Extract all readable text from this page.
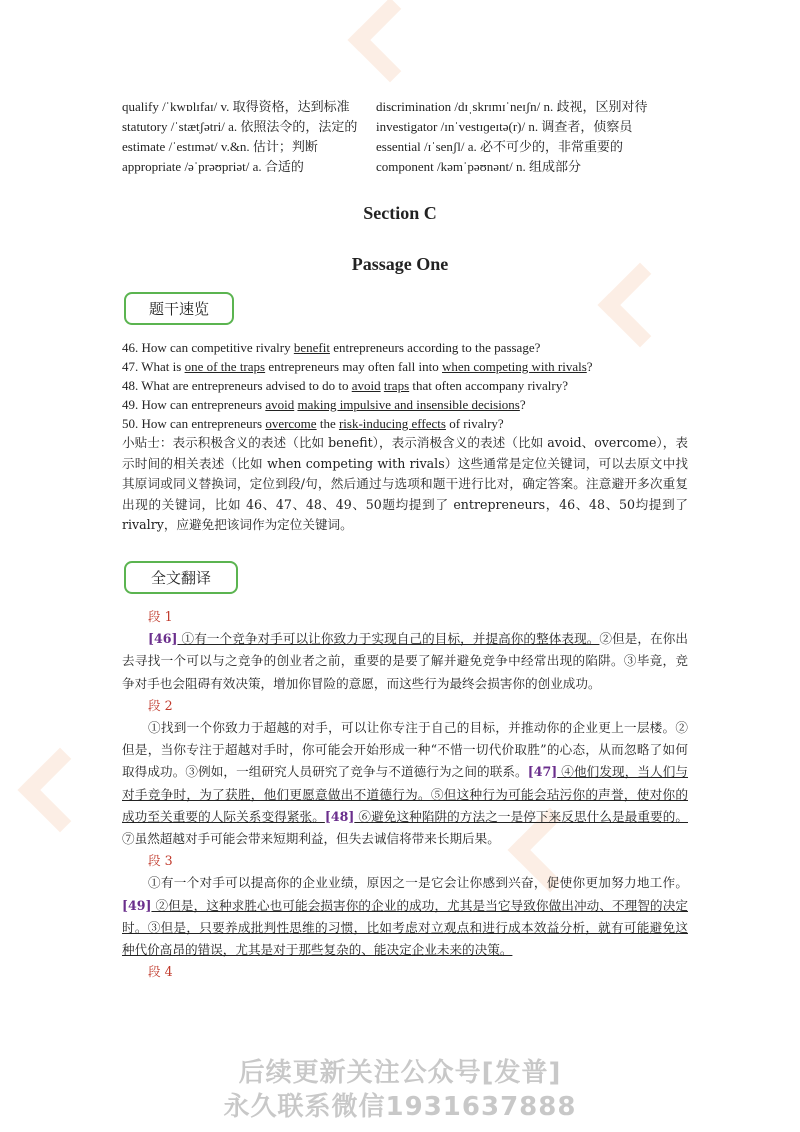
qualify /ˈkwɒlɪfaɪ/ v. 取得资格，达到标准	discrimination /dɪˌskrɪmɪˈneɪʃn/ n. 歧视，区别对待
statutory /ˈstætʃətri/ a. 依照法令的，法定的	investigator /ɪnˈvestɪɡeɪtə(r)/ n. 调查者，侦察员
estimate /ˈestɪmət/ v.&n. 估计；判断	essential /ɪˈsenʃl/ a. 必不可少的，非常重要的
appropriate /əˈprəʊpriət/ a. 合适的	component /kəmˈpəʊnənt/ n. 组成部分
Section C
Passage One
题干速览
46. How can competitive rivalry benefit entrepreneurs according to the passage?
47. What is one of the traps entrepreneurs may often fall into when competing with rivals?
48. What are entrepreneurs advised to do to avoid traps that often accompany rivalry?
49. How can entrepreneurs avoid making impulsive and insensible decisions?
50. How can entrepreneurs overcome the risk-inducing effects of rivalry?
小贴士：表示积极含义的表述（比如 benefit），表示消极含义的表述（比如 avoid、overcome），表示时间的相关表述（比如 when competing with rivals）这些通常是定位关键词，可以去原文中找其原词或同义替换词，定位到段/句，然后通过与选项和题干进行比对，确定答案。注意避开多次重复出现的关键词，比如 46、47、48、49、50题均提到了 entrepreneurs，46、48、50均提到了 rivalry，应避免把该词作为定位关键词。
全文翻译
段 1
[46] ①有一个竞争对手可以让你致力于实现自己的目标，并提高你的整体表现。②但是，在你出去寻找一个可以与之竞争的创业者之前，重要的是要了解并避免竞争中经常出现的陷阱。③毕竟，竞争对手也会阻碍有效决策，增加你冒险的意愿，而这些行为最终会损害你的创业成功。
段 2
①找到一个你致力于超越的对手，可以让你专注于自己的目标，并推动你的企业更上一层楼。②但是，当你专注于超越对手时，你可能会开始形成一种“不惜一切代价取胜”的心态，从而忽略了如何取得成功。③例如，一组研究人员研究了竞争与不道德行为之间的联系。[47] ④他们发现，当人们与对手竞争时，为了获胜，他们更愿意做出不道德行为。⑤但这种行为可能会玷污你的声誉，使对你的成功至关重要的人际关系变得紧张。[48] ⑥避免这种陷阱的方法之一是停下来反思什么是最重要的。⑦虽然超越对手可能会带来短期利益，但失去诚信将带来长期后果。
段 3
①有一个对手可以提高你的企业业绩，原因之一是它会让你感到兴奋，促使你更加努力地工作。[49] ②但是，这种求胜心也可能会损害你的企业的成功，尤其是当它导致你做出冲动、不理智的决定时。③但是，只要养成批判性思维的习惯，比如考虑对立观点和进行成本效益分析，就有可能避免这种代价高昂的错误，尤其是对于那些复杂的、能决定企业未来的决策。
段 4
后续更新关注公众号[发普]
永久联系微信1931637888
